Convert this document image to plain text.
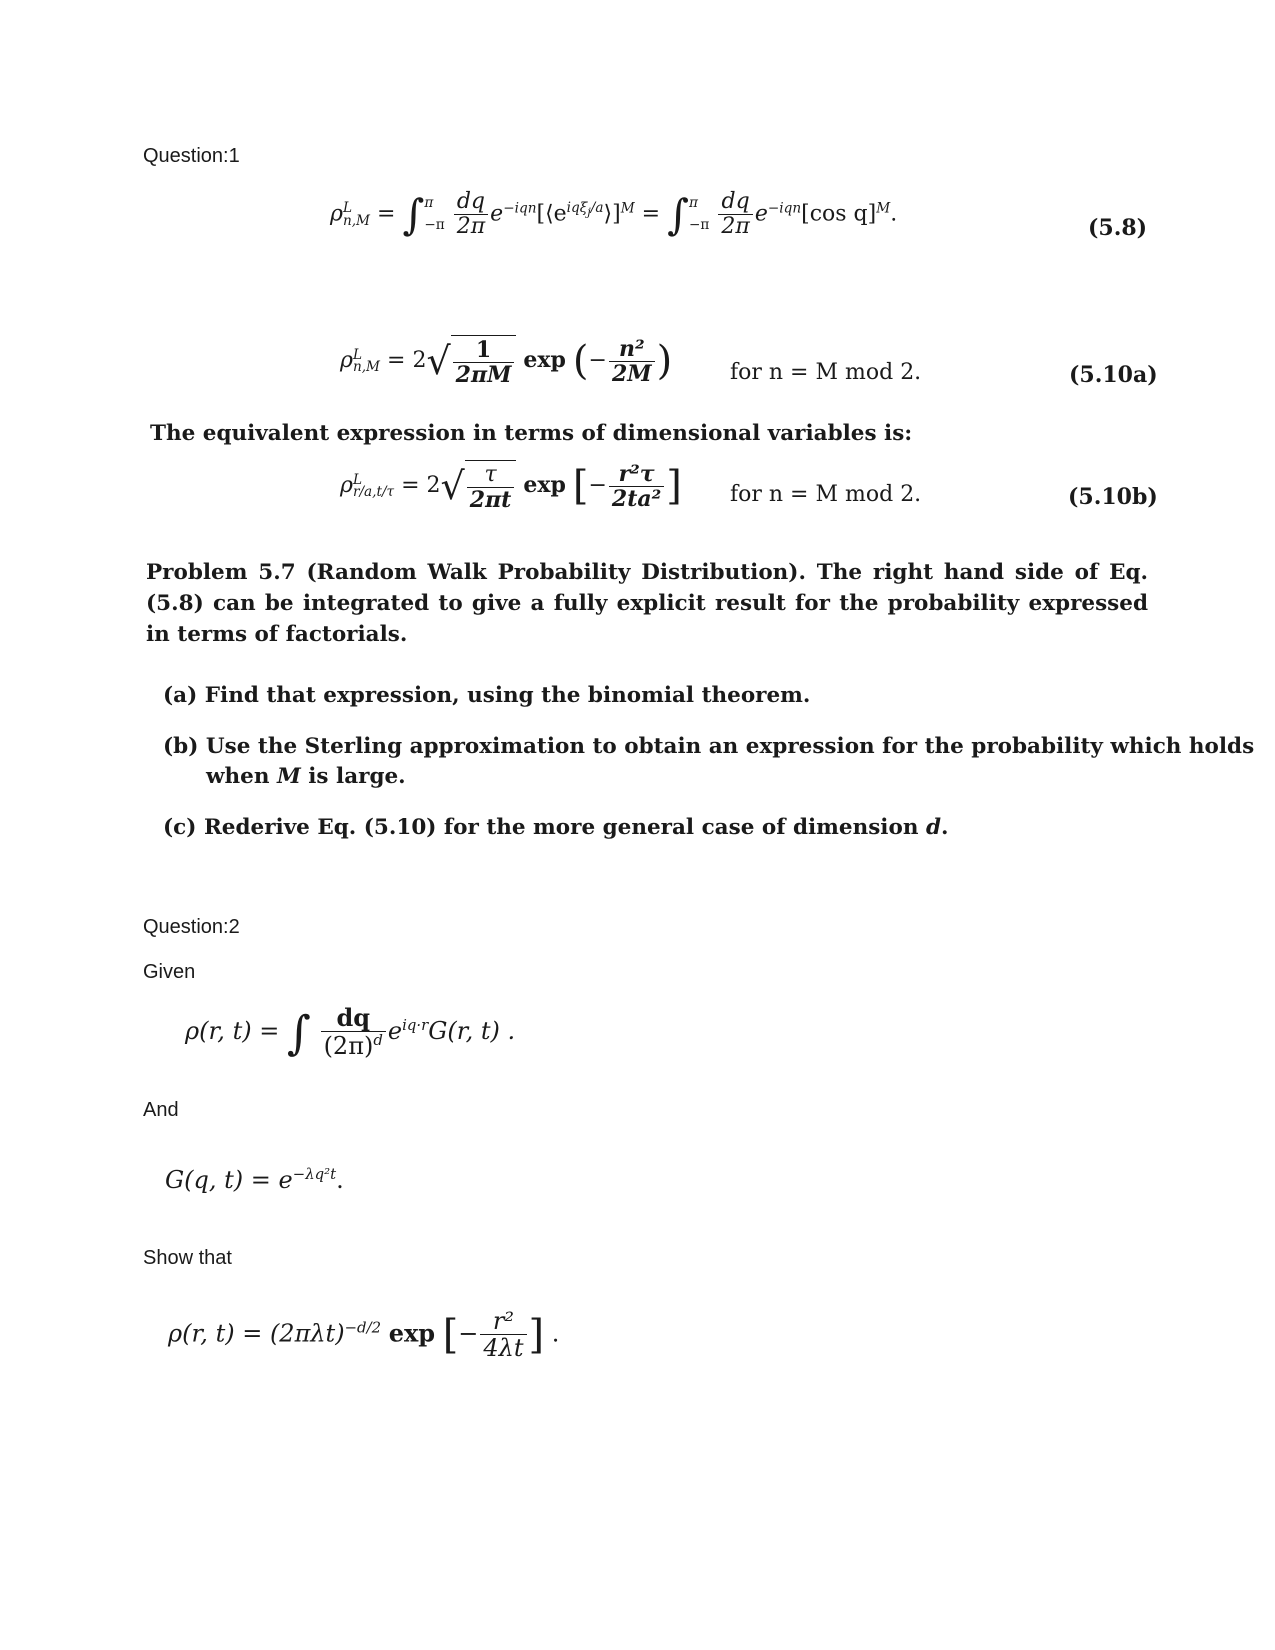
Question:1
ρ L
n,M = ∫ π
−π
$\frac{dq}{2\pi}$ $e^{-iqn}[⟨e^{iq\xi_j/a}⟩]^M$ = ∫ π
−π
$\frac{dq}{2\pi} e^{-iqn}[\cos$ q]$^M$.
(5.8)
ρ L
$n,M = 2√ \frac{1}{2\pi M}$ exp (− $\frac{\text{n²}}{2M}$ )	for n = M mod 2.	(5.10a)
The equivalent expression in terms of dimensional variables is:
ρ L
$r/a,t/\tau = 2√ \frac{\tau}{2\pi t}$ exp [− $\frac{\text{r²τ}}{\text{2ta²}}$ ] for n = M mod 2.	(5.10b)
Problem 5.7 (Random Walk Probability Distribution). The right hand side of Eq. (5.8) can be integrated to give a fully explicit result for the probability expressed in terms of factorials.
(a) Find that expression, using the binomial theorem.
(b) Use the Sterling approximation to obtain an expression for the probability which holds
when M is large.
(c) Rederive Eq. (5.10) for the more general case of dimension d.
Question:2
Given
ρ(r, t) = ∫ $\frac{dq}{(2\pi)^d} e^{iq\cdot r}G(r$, t) .
And
G(q, $t) = e^{-\lambda q^2t}$.
Show that
ρ(r, $t) = (2\pi\lambda t)^{-d/2}$ exp [− $\frac{\text{r²}}{4\lambda t}$ ] .
